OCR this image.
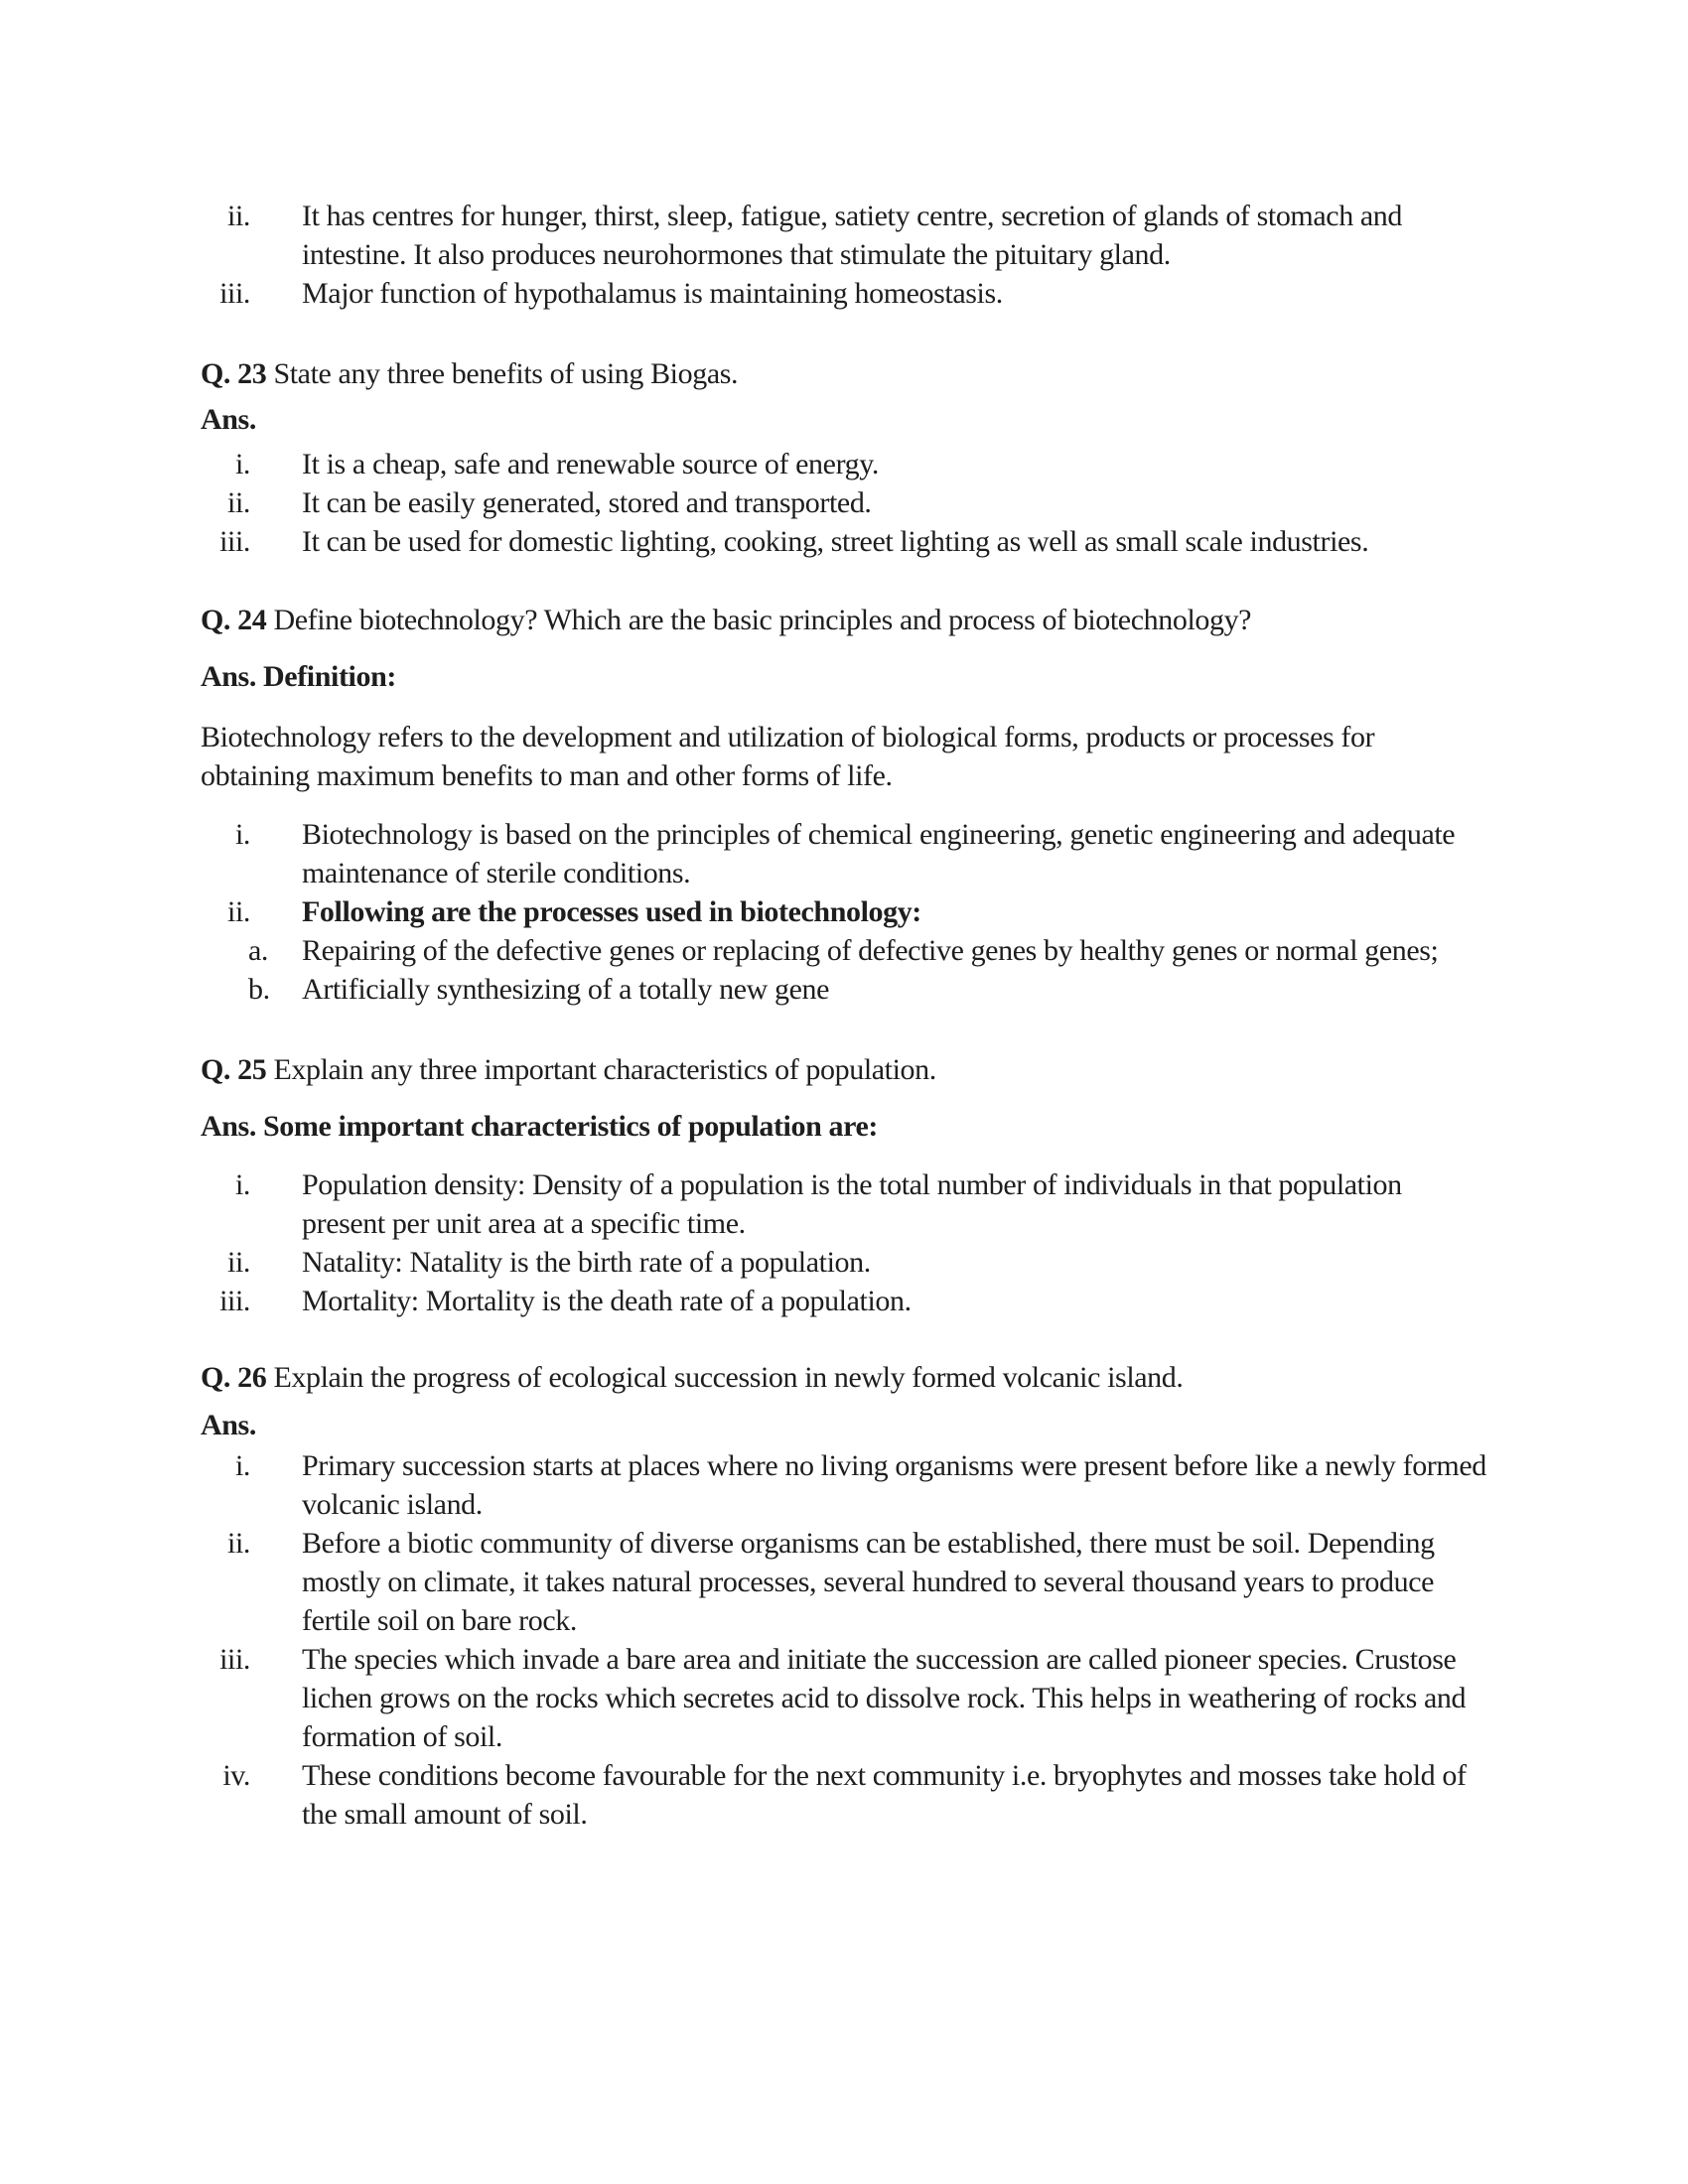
ii. It has centres for hunger, thirst, sleep, fatigue, satiety centre, secretion of glands of stomach and intestine. It also produces neurohormones that stimulate the pituitary gland.
iii. Major function of hypothalamus is maintaining homeostasis.

Q. 23 State any three benefits of using Biogas.

Ans.

i. It is a cheap, safe and renewable source of energy.
ii. It can be easily generated, stored and transported.
iii. It can be used for domestic lighting, cooking, street lighting as well as small scale industries.

Q. 24 Define biotechnology? Which are the basic principles and process of biotechnology?

Ans. Definition:

Biotechnology refers to the development and utilization of biological forms, products or processes for obtaining maximum benefits to man and other forms of life.

i. Biotechnology is based on the principles of chemical engineering, genetic engineering and adequate maintenance of sterile conditions.
ii. Following are the processes used in biotechnology:
a. Repairing of the defective genes or replacing of defective genes by healthy genes or normal genes;
b. Artificially synthesizing of a totally new gene

Q. 25 Explain any three important characteristics of population.

Ans. Some important characteristics of population are:

i. Population density: Density of a population is the total number of individuals in that population present per unit area at a specific time.
ii. Natality: Natality is the birth rate of a population.
iii. Mortality: Mortality is the death rate of a population.

Q. 26 Explain the progress of ecological succession in newly formed volcanic island.

Ans.

i. Primary succession starts at places where no living organisms were present before like a newly formed volcanic island.
ii. Before a biotic community of diverse organisms can be established, there must be soil. Depending mostly on climate, it takes natural processes, several hundred to several thousand years to produce fertile soil on bare rock.
iii. The species which invade a bare area and initiate the succession are called pioneer species. Crustose lichen grows on the rocks which secretes acid to dissolve rock. This helps in weathering of rocks and formation of soil.
iv. These conditions become favourable for the next community i.e. bryophytes and mosses take hold of the small amount of soil.
